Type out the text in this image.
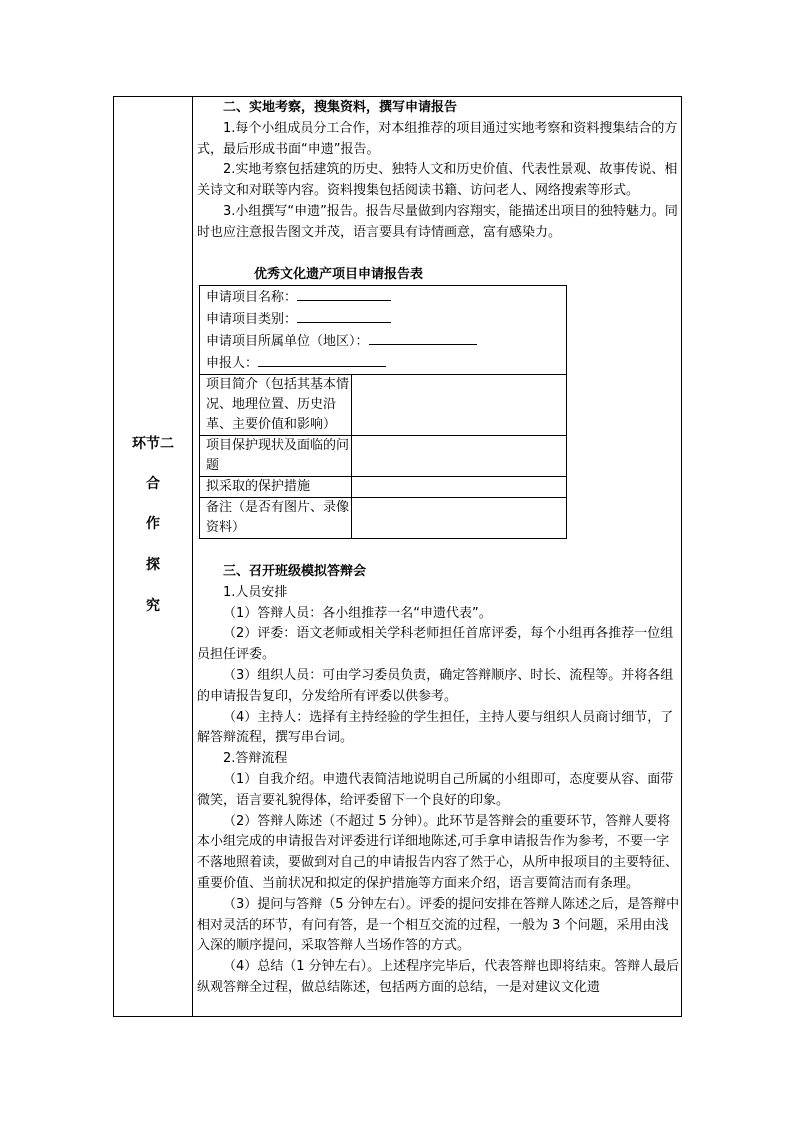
环节二
合
作
探
究

二、实地考察，搜集资料，撰写申请报告

1.每个小组成员分工合作，对本组推荐的项目通过实地考察和资料搜集结合的方式，最后形成书面“申遗”报告。

2.实地考察包括建筑的历史、独特人文和历史价值、代表性景观、故事传说、相关诗文和对联等内容。资料搜集包括阅读书籍、访问老人、网络搜索等形式。

3.小组撰写“申遗”报告。报告尽量做到内容翔实，能描述出项目的独特魅力。同时也应注意报告图文并茂，语言要具有诗情画意，富有感染力。

优秀文化遗产项目申请报告表
申请项目名称：
申请项目类别：
申请项目所属单位（地区）：
申报人：	

项目简介（包括其基本情况、地理位置、历史沿革、主要价值和影响）	
项目保护现状及面临的问题	
拟采取的保护措施	
备注（是否有图片、录像资料）	

三、召开班级模拟答辩会

1.人员安排

（1）答辩人员：各小组推荐一名“申遗代表”。

（2）评委：语文老师或相关学科老师担任首席评委，每个小组再各推荐一位组员担任评委。

（3）组织人员：可由学习委员负责，确定答辩顺序、时长、流程等。并将各组的申请报告复印，分发给所有评委以供参考。

（4）主持人：选择有主持经验的学生担任，主持人要与组织人员商讨细节，了解答辩流程，撰写串台词。

2.答辩流程

（1）自我介绍。申遗代表简洁地说明自己所属的小组即可，态度要从容、面带微笑，语言要礼貌得体，给评委留下一个良好的印象。

（2）答辩人陈述（不超过 5 分钟）。此环节是答辩会的重要环节，答辩人要将本小组完成的申请报告对评委进行详细地陈述,可手拿申请报告作为参考，不要一字不落地照着读，要做到对自己的申请报告内容了然于心，从所申报项目的主要特征、重要价值、当前状况和拟定的保护措施等方面来介绍，语言要简洁而有条理。

（3）提问与答辩（5 分钟左右）。评委的提问安排在答辩人陈述之后，是答辩中相对灵活的环节，有问有答，是一个相互交流的过程，一般为 3 个问题，采用由浅入深的顺序提问，采取答辩人当场作答的方式。

（4）总结（1 分钟左右）。上述程序完毕后，代表答辩也即将结束。答辩人最后纵观答辩全过程，做总结陈述，包括两方面的总结，一是对建议文化遗
